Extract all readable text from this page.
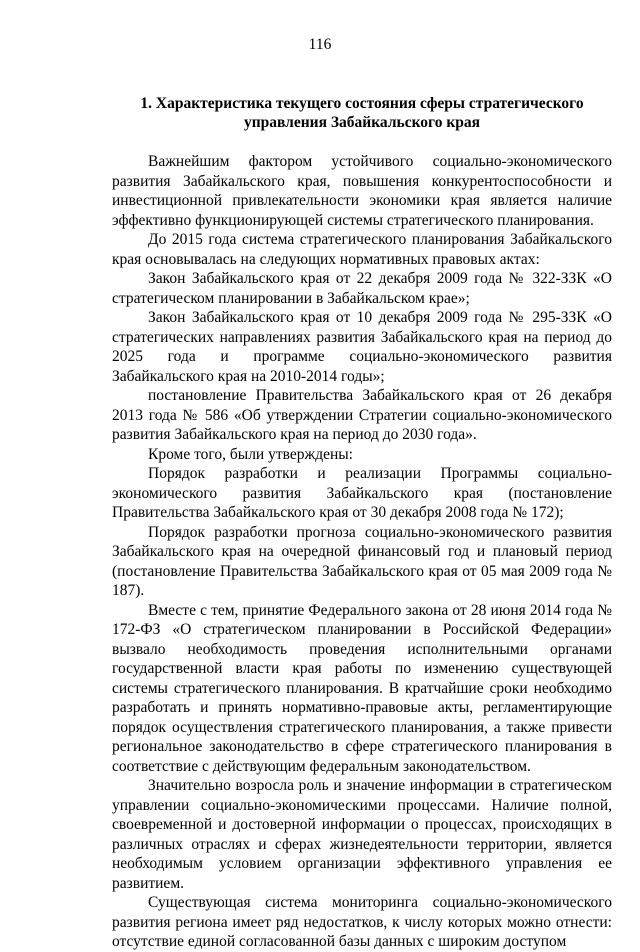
116
1. Характеристика текущего состояния сферы стратегического управления Забайкальского края

Важнейшим фактором устойчивого социально-экономического развития Забайкальского края, повышения конкурентоспособности и инвестиционной привлекательности экономики края является наличие эффективно функционирующей системы стратегического планирования.

До 2015 года система стратегического планирования Забайкальского края основывалась на следующих нормативных правовых актах:

Закон Забайкальского края от 22 декабря 2009 года № 322-ЗЗК «О стратегическом планировании в Забайкальском крае»;

Закон Забайкальского края от 10 декабря 2009 года № 295-ЗЗК «О стратегических направлениях развития Забайкальского края на период до 2025 года и программе социально-экономического развития Забайкальского края на 2010-2014 годы»;

постановление Правительства Забайкальского края от 26 декабря 2013 года № 586 «Об утверждении Стратегии социально-экономического развития Забайкальского края на период до 2030 года».

Кроме того, были утверждены:

Порядок разработки и реализации Программы социально-экономического развития Забайкальского края (постановление Правительства Забайкальского края от 30 декабря 2008 года № 172);

Порядок разработки прогноза социально-экономического развития Забайкальского края на очередной финансовый год и плановый период (постановление Правительства Забайкальского края от 05 мая 2009 года № 187).

Вместе с тем, принятие Федерального закона от 28 июня 2014 года № 172-ФЗ «О стратегическом планировании в Российской Федерации» вызвало необходимость проведения исполнительными органами государственной власти края работы по изменению существующей системы стратегического планирования. В кратчайшие сроки необходимо разработать и принять нормативно-правовые акты, регламентирующие порядок осуществления стратегического планирования, а также привести региональное законодательство в сфере стратегического планирования в соответствие с действующим федеральным законодательством.

Значительно возросла роль и значение информации в стратегическом управлении социально-экономическими процессами. Наличие полной, своевременной и достоверной информации о процессах, происходящих в различных отраслях и сферах жизнедеятельности территории, является необходимым условием организации эффективного управления ее развитием.

Существующая система мониторинга социально-экономического развития региона имеет ряд недостатков, к числу которых можно отнести: отсутствие единой согласованной базы данных с широким доступом
